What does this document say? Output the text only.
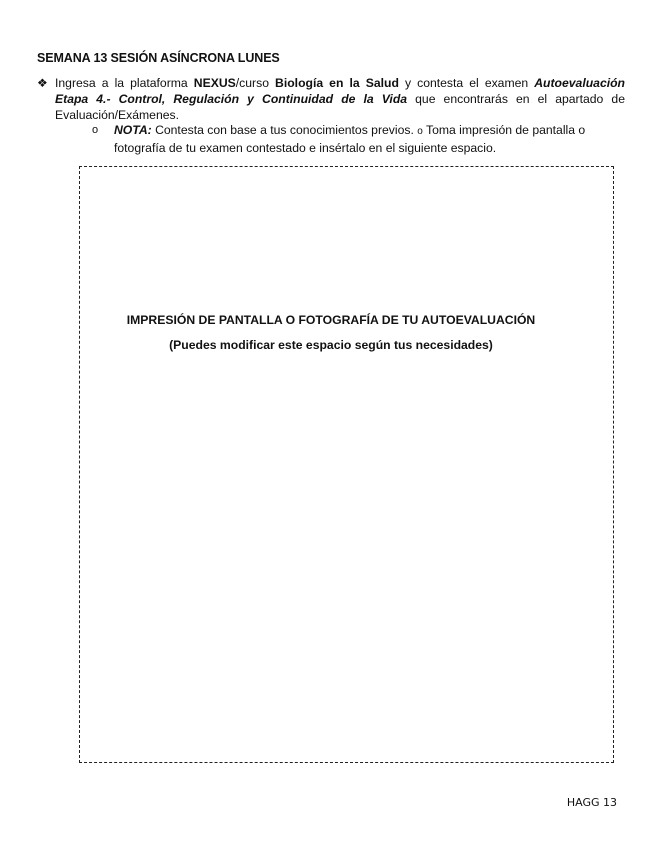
SEMANA 13 SESIÓN ASÍNCRONA LUNES
❖ Ingresa a la plataforma NEXUS/curso Biología en la Salud y contesta el examen Autoevaluación Etapa 4.- Control, Regulación y Continuidad de la Vida que encontrarás en el apartado de Evaluación/Exámenes.
o NOTA: Contesta con base a tus conocimientos previos. o Toma impresión de pantalla o fotografía de tu examen contestado e insértalo en el siguiente espacio.
IMPRESIÓN DE PANTALLA O FOTOGRAFÍA DE TU AUTOEVALUACIÓN
(Puedes modificar este espacio según tus necesidades)
HAGG 13
